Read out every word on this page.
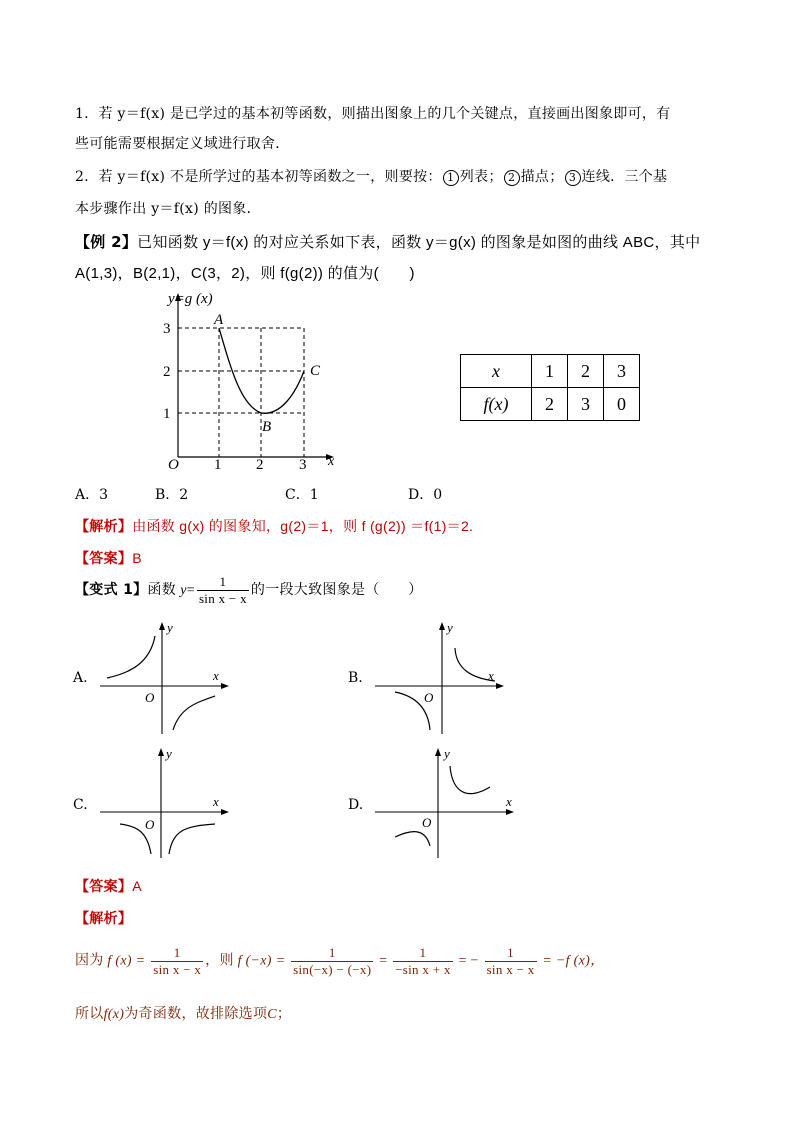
1．若 y＝f(x) 是已学过的基本初等函数，则描出图象上的几个关键点，直接画出图象即可，有
些可能需要根据定义域进行取舍．
2．若 y＝f(x) 不是所学过的基本初等函数之一，则要按： 1 列表； 2 描点； 3 连线．三个基
本步骤作出 y＝f(x) 的图象．
【例 2】已知函数 y＝f(x) 的对应关系如下表，函数 y＝g(x) 的图象是如图的曲线 ABC，其中
A(1,3)，B(2,1)，C(3，2)，则 f(g(2)) 的值为(　　)
y=g (x)
3
2
1
O 1 2 3 x
A
B
C	x	1	2	3
f(x)	2	3	0
A．3	B．2	C．1	D．0
【解析】由函数 g(x) 的图象知，g(2)＝1，则 f (g(2)) ＝f(1)＝2.
【答案】B
【变式 1】函数 $y= \frac{1}{\text{sin x − x}}$ 的一段大致图象是（　　）
A.
y
x
O
B.
y
x
O
C.
y
x
O
D.
y
x
O
【答案】A
【解析】
因为 f $(x) = \frac{1}{\text{sin x − x}}$ ，则 f $(-x) = \frac{1}{\sin(-x) - (-x)} = \frac{1}{\text{−sin x + x}}$ = − $\frac{1}{\text{sin x − x}} = -f$ (x)，
所以f(x)为奇函数，故排除选项C；
